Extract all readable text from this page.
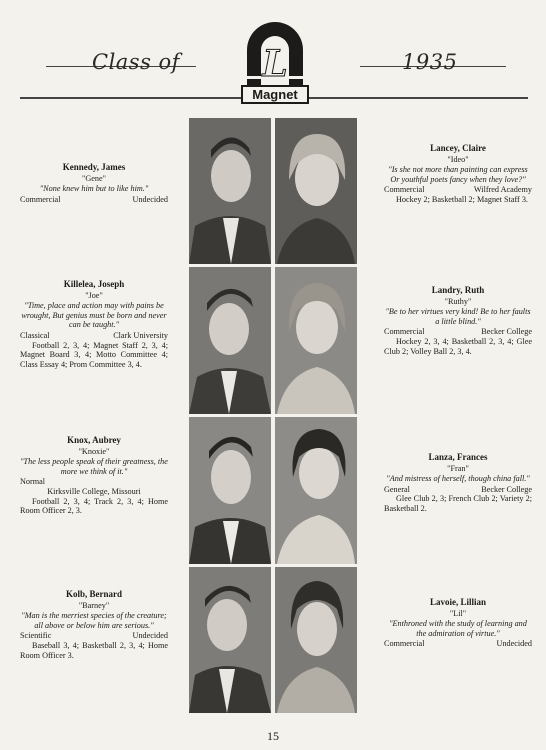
Class of	1935
L
Magnet
Kennedy, James
"Gene"
"None knew him but to like him."
Commercial	Undecided
Killelea, Joseph
"Joe"
"Time, place and action may with pains be wrought, But genius must be born and never can be taught."
Classical	Clark University
Football 2, 3, 4; Magnet Staff 2, 3, 4; Magnet Board 3, 4; Motto Committee 4; Class Essay 4; Prom Committee 3, 4.
Knox, Aubrey
"Knoxie"
"The less people speak of their greatness, the more we think of it."
Normal
Kirksville College, Missouri
Football 2, 3, 4; Track 2, 3, 4; Home Room Officer 2, 3.
Kolb, Bernard
"Barney"
"Man is the merriest species of the creature; all above or below him are serious."
Scientific	Undecided
Baseball 3, 4; Basketball 2, 3, 4; Home Room Officer 3.
Lancey, Claire
"Ideo"
"Is she not more than painting can express Or youthful poets fancy when they love?"
Commercial	Wilfred Academy
Hockey 2; Basketball 2; Magnet Staff 3.
Landry, Ruth
"Ruthy"
"Be to her virtues very kind! Be to her faults a little blind."
Commercial	Becker College
Hockey 2, 3, 4; Basketball 2, 3, 4; Glee Club 2; Volley Ball 2, 3, 4.
Lanza, Frances
"Fran"
"And mistress of herself, though china fall."
General	Becker College
Glee Club 2, 3; French Club 2; Variety 2; Basketball 2.
Lavoie, Lillian
"Lil"
"Enthroned with the study of learning and the admiration of virtue."
Commercial	Undecided
15
